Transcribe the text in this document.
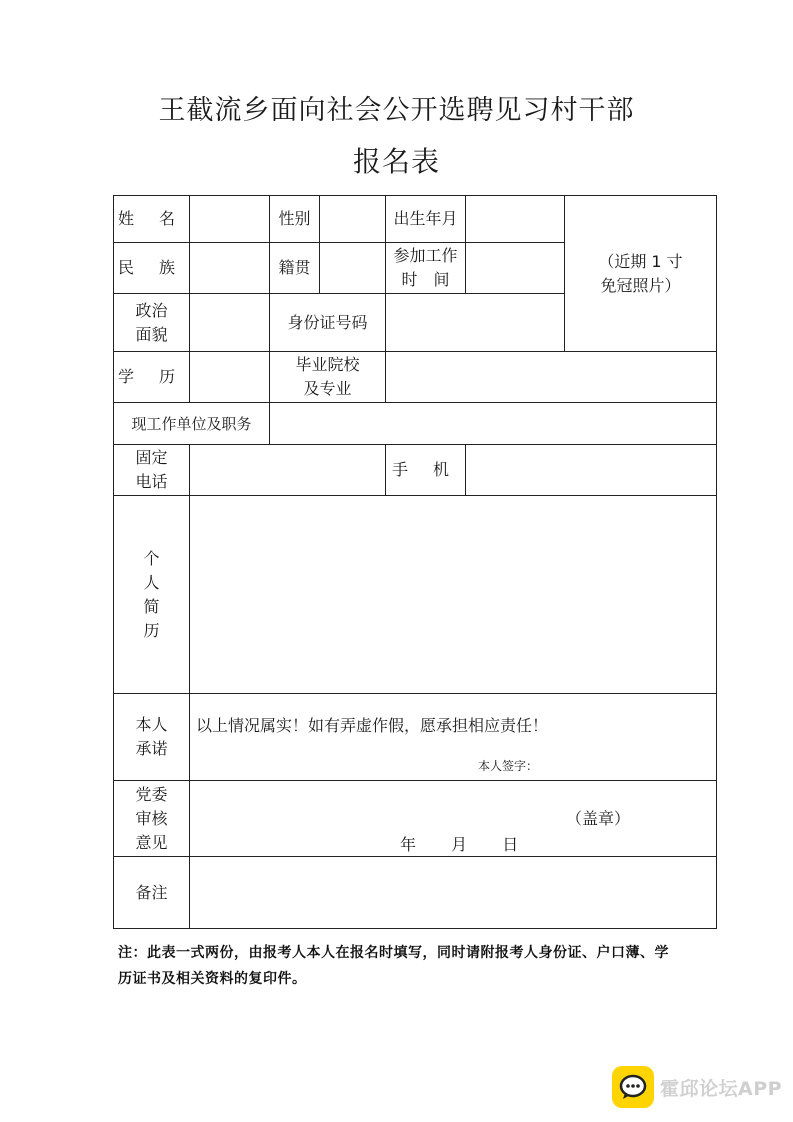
王截流乡面向社会公开选聘见习村干部
报名表
姓 名		性别		出生年月		（近期 1 寸
免冠照片）

民 族		籍贯		参加工作
时　间		

政治
面貌		身份证号码				
学 历		毕业院校
及专业				

现工作单位及职务						

固定
电话				手 机		

个
人
简
历						

本人
承诺	以上情况属实！如有弄虚作假，愿承担相应责任！
本人签字：					

党委
审核
意见	（盖章）
年 月 日					

备注						
注：此表一式两份，由报考人本人在报名时填写，同时请附报考人身份证、户口薄、学历证书及相关资料的复印件。
霍邱论坛APP
